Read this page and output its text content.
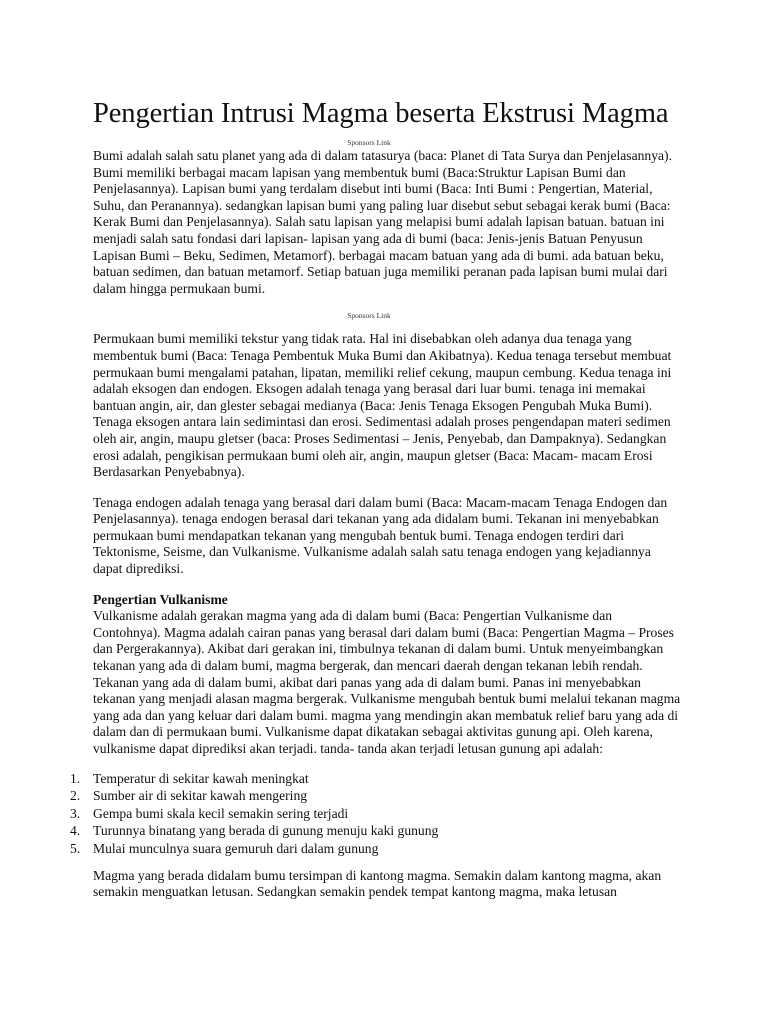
Pengertian Intrusi Magma beserta Ekstrusi Magma
Sponsors Link

Bumi adalah salah satu planet yang ada di dalam tatasurya (baca: Planet di Tata Surya dan Penjelasannya). Bumi memiliki berbagai macam lapisan yang membentuk bumi (Baca:Struktur Lapisan Bumi dan Penjelasannya). Lapisan bumi yang terdalam disebut inti bumi (Baca: Inti Bumi : Pengertian, Material, Suhu, dan Peranannya). sedangkan lapisan bumi yang paling luar disebut sebut sebagai kerak bumi (Baca: Kerak Bumi dan Penjelasannya). Salah satu lapisan yang melapisi bumi adalah lapisan batuan. batuan ini menjadi salah satu fondasi dari lapisan- lapisan yang ada di bumi (baca: Jenis-jenis Batuan Penyusun Lapisan Bumi – Beku, Sedimen, Metamorf). berbagai macam batuan yang ada di bumi. ada batuan beku, batuan sedimen, dan batuan metamorf. Setiap batuan juga memiliki peranan pada lapisan bumi mulai dari dalam hingga permukaan bumi.

Sponsors Link

Permukaan bumi memiliki tekstur yang tidak rata. Hal ini disebabkan oleh adanya dua tenaga yang membentuk bumi (Baca: Tenaga Pembentuk Muka Bumi dan Akibatnya). Kedua tenaga tersebut membuat permukaan bumi mengalami patahan, lipatan, memiliki relief cekung, maupun cembung. Kedua tenaga ini adalah eksogen dan endogen. Eksogen adalah tenaga yang berasal dari luar bumi. tenaga ini memakai bantuan angin, air, dan glester sebagai medianya (Baca: Jenis Tenaga Eksogen Pengubah Muka Bumi). Tenaga eksogen antara lain sedimintasi dan erosi. Sedimentasi adalah proses pengendapan materi sedimen oleh air, angin, maupu gletser (baca: Proses Sedimentasi – Jenis, Penyebab, dan Dampaknya). Sedangkan erosi adalah, pengikisan permukaan bumi oleh air, angin, maupun gletser (Baca: Macam- macam Erosi Berdasarkan Penyebabnya).

Tenaga endogen adalah tenaga yang berasal dari dalam bumi (Baca: Macam-macam Tenaga Endogen dan Penjelasannya). tenaga endogen berasal dari tekanan yang ada didalam bumi. Tekanan ini menyebabkan permukaan bumi mendapatkan tekanan yang mengubah bentuk bumi. Tenaga endogen terdiri dari Tektonisme, Seisme, dan Vulkanisme. Vulkanisme adalah salah satu tenaga endogen yang kejadiannya dapat diprediksi.

Pengertian Vulkanisme

Vulkanisme adalah gerakan magma yang ada di dalam bumi (Baca: Pengertian Vulkanisme dan Contohnya). Magma adalah cairan panas yang berasal dari dalam bumi (Baca: Pengertian Magma – Proses dan Pergerakannya). Akibat dari gerakan ini, timbulnya tekanan di dalam bumi. Untuk menyeimbangkan tekanan yang ada di dalam bumi, magma bergerak, dan mencari daerah dengan tekanan lebih rendah. Tekanan yang ada di dalam bumi, akibat dari panas yang ada di dalam bumi. Panas ini menyebabkan tekanan yang menjadi alasan magma bergerak. Vulkanisme mengubah bentuk bumi melalui tekanan magma yang ada dan yang keluar dari dalam bumi. magma yang mendingin akan membatuk relief baru yang ada di dalam dan di permukaan bumi. Vulkanisme dapat dikatakan sebagai aktivitas gunung api. Oleh karena, vulkanisme dapat diprediksi akan terjadi. tanda- tanda akan terjadi letusan gunung api adalah:

1. Temperatur di sekitar kawah meningkat
2. Sumber air di sekitar kawah mengering
3. Gempa bumi skala kecil semakin sering terjadi
4. Turunnya binatang yang berada di gunung menuju kaki gunung
5. Mulai munculnya suara gemuruh dari dalam gunung

Magma yang berada didalam bumu tersimpan di kantong magma. Semakin dalam kantong magma, akan semakin menguatkan letusan. Sedangkan semakin pendek tempat kantong magma, maka letusan
